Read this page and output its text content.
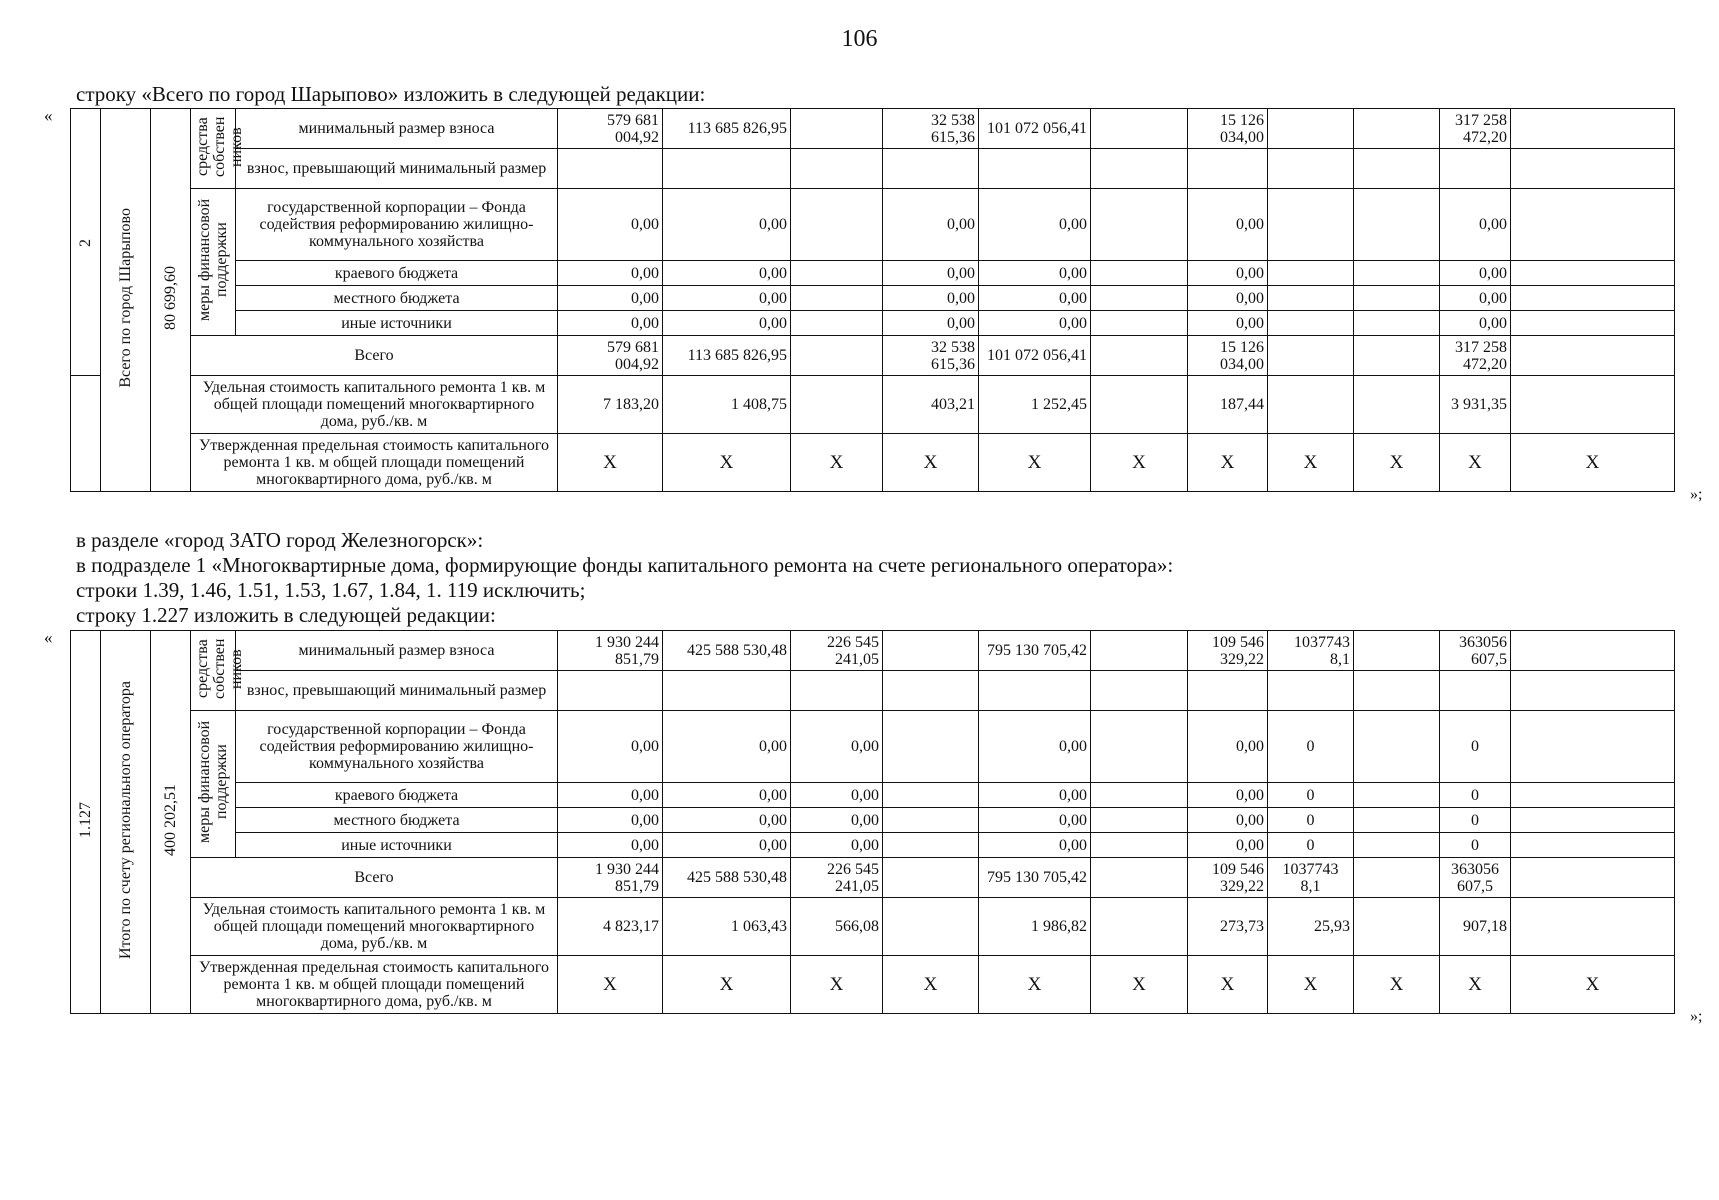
106
строку «Всего по город Шарыпово» изложить в следующей редакции:
«
2	Всего по город Шарыпово	80 699,60	средства собствен ников	минимальный размер взноса	579 681 004,92	113 685 826,95		32 538 615,36	101 072 056,41		15 126 034,00			317 258 472,20	
				взнос, превышающий минимальный размер											
			меры финансовой поддержки	государственной корпорации – Фонда содействия реформированию жилищно-коммунального хозяйства	0,00	0,00		0,00	0,00		0,00			0,00	
				краевого бюджета	0,00	0,00		0,00	0,00		0,00			0,00	
				местного бюджета	0,00	0,00		0,00	0,00		0,00			0,00	
				иные источники	0,00	0,00		0,00	0,00		0,00			0,00	
			Всего		579 681 004,92	113 685 826,95		32 538 615,36	101 072 056,41		15 126 034,00			317 258 472,20	
			Удельная стоимость капитального ремонта 1 кв. м общей площади помещений многоквартирного дома, руб./кв. м		7 183,20	1 408,75		403,21	1 252,45		187,44			3 931,35	
			Утвержденная предельная стоимость капитального ремонта 1 кв. м общей площади помещений многоквартирного дома, руб./кв. м		Х	Х	Х	Х	Х	Х	Х	Х	Х	Х	Х
»;
в разделе «город ЗАТО город Железногорск»:
в подразделе 1 «Многоквартирные дома, формирующие фонды капитального ремонта на счете регионального оператора»:
строки 1.39, 1.46, 1.51, 1.53, 1.67, 1.84, 1. 119 исключить;
строку 1.227 изложить в следующей редакции:
«
1.127	Итого по счету регионального оператора	400 202,51	средства собствен ников	минимальный размер взноса	1 930 244 851,79	425 588 530,48	226 545 241,05		795 130 705,42		109 546 329,22	1037743 8,1		363056 607,5	
				взнос, превышающий минимальный размер											
			меры финансовой поддержки	государственной корпорации – Фонда содействия реформированию жилищно-коммунального хозяйства	0,00	0,00	0,00		0,00		0,00	0		0	
				краевого бюджета	0,00	0,00	0,00		0,00		0,00	0		0	
				местного бюджета	0,00	0,00	0,00		0,00		0,00	0		0	
				иные источники	0,00	0,00	0,00		0,00		0,00	0		0	
			Всего		1 930 244 851,79	425 588 530,48	226 545 241,05		795 130 705,42		109 546 329,22	1037743 8,1		363056 607,5	
			Удельная стоимость капитального ремонта 1 кв. м общей площади помещений многоквартирного дома, руб./кв. м		4 823,17	1 063,43	566,08		1 986,82		273,73	25,93		907,18	
			Утвержденная предельная стоимость капитального ремонта 1 кв. м общей площади помещений многоквартирного дома, руб./кв. м		Х	Х	Х	Х	Х	Х	Х	Х	Х	Х	Х
»;
